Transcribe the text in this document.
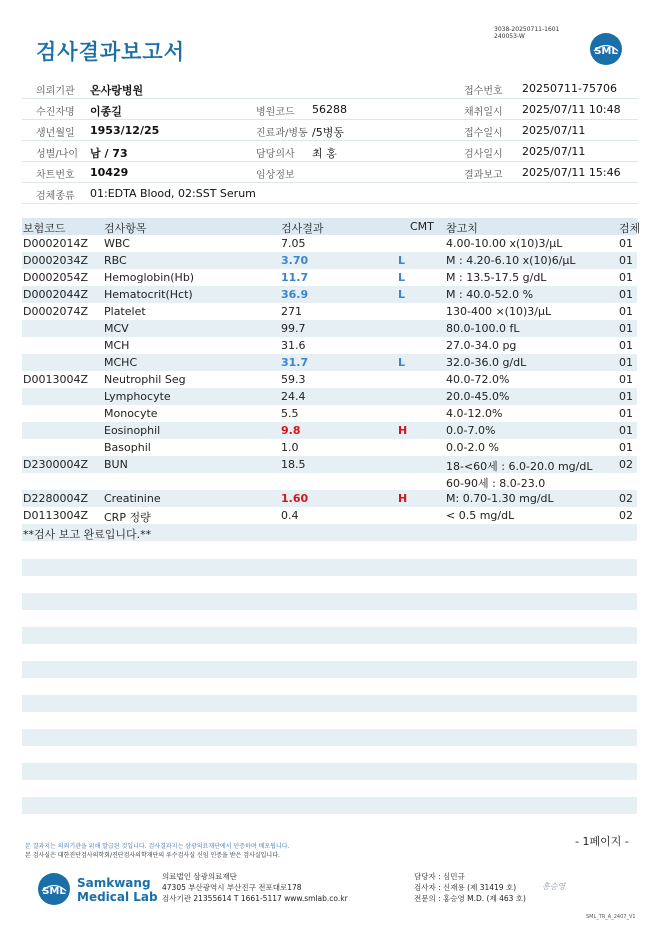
검사결과보고서
3038-20250711-1601
240053-W
SML
의뢰기관 온사랑병원	접수번호 20250711-75706
수진자명 이종길	병원코드 56288	채취일시 2025/07/11 10:48
생년월일 1953/12/25	진료과/병동 /5병동	접수일시 2025/07/11
성별/나이 남 / 73	담당의사 최 홍	검사일시 2025/07/11
차트번호 10429	임상정보	결과보고 2025/07/11 15:46
검체종류 01:EDTA Blood, 02:SST Serum
보험코드	검사항목	검사결과	CMT 참고치	검체
D0002014Z WBC	7.05	4.00-10.00 x(10)3/μL	01
D0002034Z RBC	3.70	L	M : 4.20-6.10 x(10)6/μL	01
D0002054Z Hemoglobin(Hb)	11.7	L	M : 13.5-17.5 g/dL	01
D0002044Z Hematocrit(Hct)	36.9	L	M : 40.0-52.0 %	01
D0002074Z Platelet	271	130-400 ×(10)3/μL	01
MCV	99.7	80.0-100.0 fL	01
MCH	31.6	27.0-34.0 pg	01
MCHC	31.7	L	32.0-36.0 g/dL	01
D0013004Z Neutrophil Seg	59.3	40.0-72.0%	01
Lymphocyte	24.4	20.0-45.0%	01
Monocyte	5.5	4.0-12.0%	01
Eosinophil	9.8	H	0.0-7.0%	01
Basophil	1.0	0.0-2.0 %	01
D2300004Z BUN	18.5	18-<60세 : 6.0-20.0 mg/dL 02
60-90세 : 8.0-23.0
D2280004Z Creatinine	1.60	H	M: 0.70-1.30 mg/dL	02
D0113004Z CRP 정량	0.4	< 0.5 mg/dL	02
**검사 보고 완료입니다.**
- 1페이지 -
본 결과지는 의뢰기관을 위해 발급된 것입니다. 검사결과지는 삼광의료재단에서 인증하며 배포됩니다.
본 검사실은 대한진단검사의학회/진단검사의학재단의 우수검사실 신임 인증을 받은 검사실입니다.
SML
Samkwang
Medical Lab
의료법인 삼광의료재단
47305 부산광역시 부산진구 전포대로178
검사기관 21355614 T 1661-5117 www.smlab.co.kr
담당자 : 심민규
검사자 : 신재용 (제 31419 호)
전문의 : 홍승영 M.D. (제 463 호)
홍승영
SML_TR_A_2407_V1
